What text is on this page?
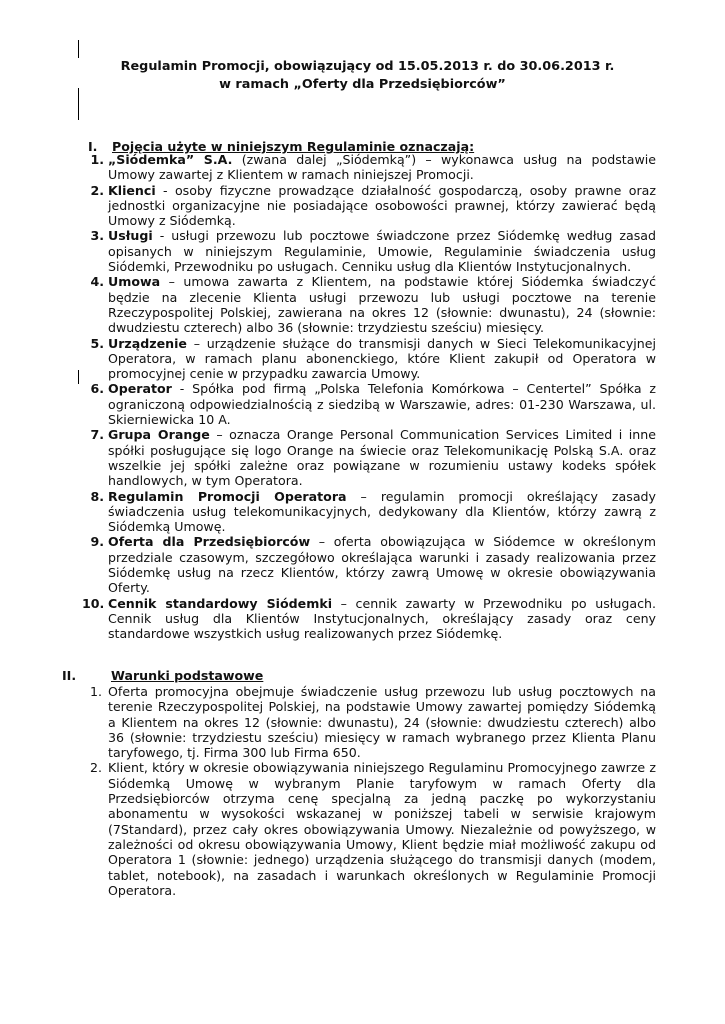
Regulamin Promocji, obowiązujący od 15.05.2013 r. do 30.06.2013 r.
w ramach „Oferty dla Przedsiębiorców”
I. Pojęcia użyte w niniejszym Regulaminie oznaczają:
1. „Siódemka” S.A. (zwana dalej „Siódemką”) – wykonawca usług na podstawie Umowy zawartej z Klientem w ramach niniejszej Promocji.
2. Klienci - osoby fizyczne prowadzące działalność gospodarczą, osoby prawne oraz jednostki organizacyjne nie posiadające osobowości prawnej, którzy zawierać będą Umowy z Siódemką.
3. Usługi - usługi przewozu lub pocztowe świadczone przez Siódemkę według zasad opisanych w niniejszym Regulaminie, Umowie, Regulaminie świadczenia usług Siódemki, Przewodniku po usługach. Cenniku usług dla Klientów Instytucjonalnych.
4. Umowa – umowa zawarta z Klientem, na podstawie której Siódemka świadczyć będzie na zlecenie Klienta usługi przewozu lub usługi pocztowe na terenie Rzeczypospolitej Polskiej, zawierana na okres 12 (słownie: dwunastu), 24 (słownie: dwudziestu czterech) albo 36 (słownie: trzydziestu sześciu) miesięcy.
5. Urządzenie – urządzenie służące do transmisji danych w Sieci Telekomunikacyjnej Operatora, w ramach planu abonenckiego, które Klient zakupił od Operatora w promocyjnej cenie w przypadku zawarcia Umowy.
6. Operator - Spółka pod firmą „Polska Telefonia Komórkowa – Centertel” Spółka z ograniczoną odpowiedzialnością z siedzibą w Warszawie, adres: 01-230 Warszawa, ul. Skierniewicka 10 A.
7. Grupa Orange – oznacza Orange Personal Communication Services Limited i inne spółki posługujące się logo Orange na świecie oraz Telekomunikację Polską S.A. oraz wszelkie jej spółki zależne oraz powiązane w rozumieniu ustawy kodeks spółek handlowych, w tym Operatora.
8. Regulamin Promocji Operatora – regulamin promocji określający zasady świadczenia usług telekomunikacyjnych, dedykowany dla Klientów, którzy zawrą z Siódemką Umowę.
9. Oferta dla Przedsiębiorców – oferta obowiązująca w Siódemce w określonym przedziale czasowym, szczegółowo określająca warunki i zasady realizowania przez Siódemkę usług na rzecz Klientów, którzy zawrą Umowę w okresie obowiązywania Oferty.
10. Cennik standardowy Siódemki – cennik zawarty w Przewodniku po usługach. Cennik usług dla Klientów Instytucjonalnych, określający zasady oraz ceny standardowe wszystkich usług realizowanych przez Siódemkę.
II.	Warunki podstawowe
1. Oferta promocyjna obejmuje świadczenie usług przewozu lub usług pocztowych na terenie Rzeczypospolitej Polskiej, na podstawie Umowy zawartej pomiędzy Siódemką a Klientem na okres 12 (słownie: dwunastu), 24 (słownie: dwudziestu czterech) albo 36 (słownie: trzydziestu sześciu) miesięcy w ramach wybranego przez Klienta Planu taryfowego, tj. Firma 300 lub Firma 650.
2. Klient, który w okresie obowiązywania niniejszego Regulaminu Promocyjnego zawrze z Siódemką Umowę w wybranym Planie taryfowym w ramach Oferty dla Przedsiębiorców otrzyma cenę specjalną za jedną paczkę po wykorzystaniu abonamentu w wysokości wskazanej w poniższej tabeli w serwisie krajowym (7Standard), przez cały okres obowiązywania Umowy. Niezależnie od powyższego, w zależności od okresu obowiązywania Umowy, Klient będzie miał możliwość zakupu od Operatora 1 (słownie: jednego) urządzenia służącego do transmisji danych (modem, tablet, notebook), na zasadach i warunkach określonych w Regulaminie Promocji Operatora.
